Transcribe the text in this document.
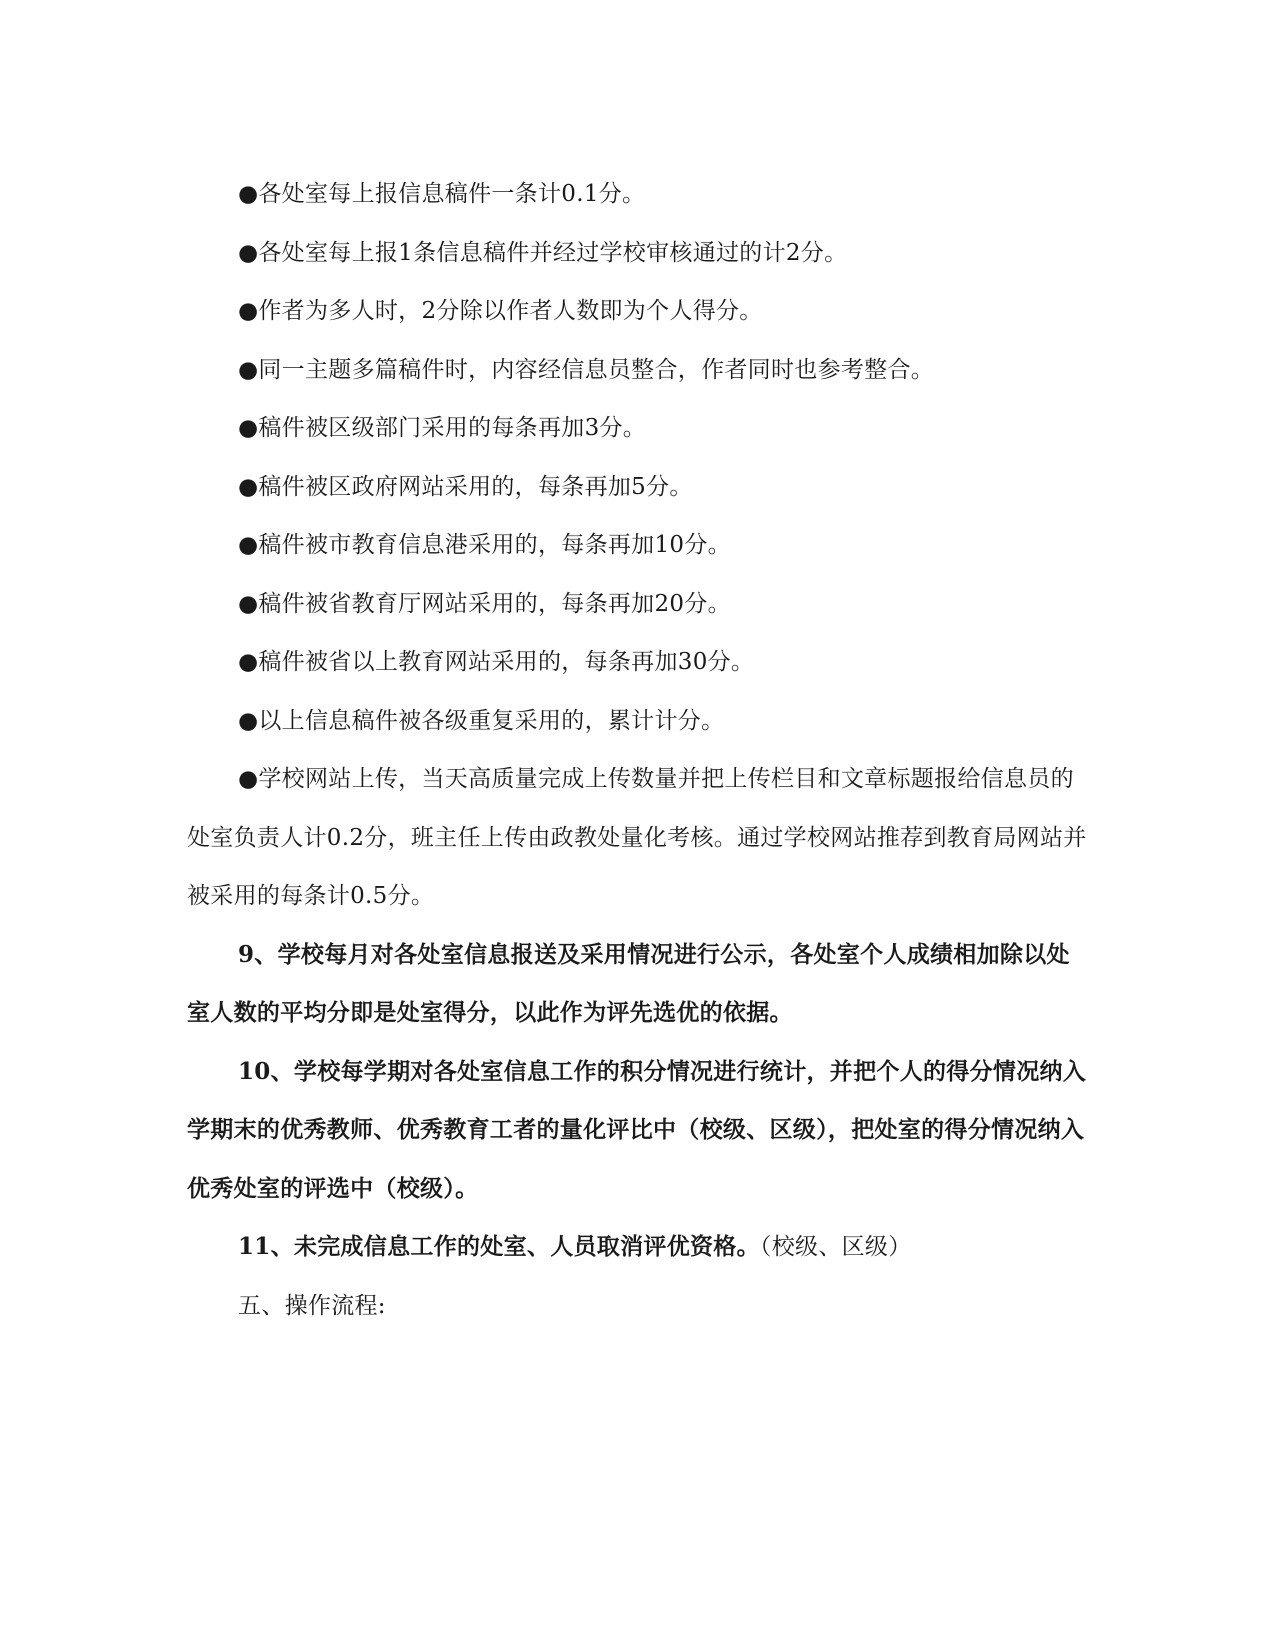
●各处室每上报信息稿件一条计0.1分。

●各处室每上报1条信息稿件并经过学校审核通过的计2分。

●作者为多人时，2分除以作者人数即为个人得分。

●同一主题多篇稿件时，内容经信息员整合，作者同时也参考整合。

●稿件被区级部门采用的每条再加3分。

●稿件被区政府网站采用的，每条再加5分。

●稿件被市教育信息港采用的，每条再加10分。

●稿件被省教育厅网站采用的，每条再加20分。

●稿件被省以上教育网站采用的，每条再加30分。

●以上信息稿件被各级重复采用的，累计计分。

●学校网站上传，当天高质量完成上传数量并把上传栏目和文章标题报给信息员的处室负责人计0.2分，班主任上传由政教处量化考核。通过学校网站推荐到教育局网站并被采用的每条计0.5分。

9、学校每月对各处室信息报送及采用情况进行公示，各处室个人成绩相加除以处室人数的平均分即是处室得分，以此作为评先选优的依据。

10、学校每学期对各处室信息工作的积分情况进行统计，并把个人的得分情况纳入学期末的优秀教师、优秀教育工者的量化评比中（校级、区级），把处室的得分情况纳入优秀处室的评选中（校级）。

11、未完成信息工作的处室、人员取消评优资格。（校级、区级）

五、操作流程:
